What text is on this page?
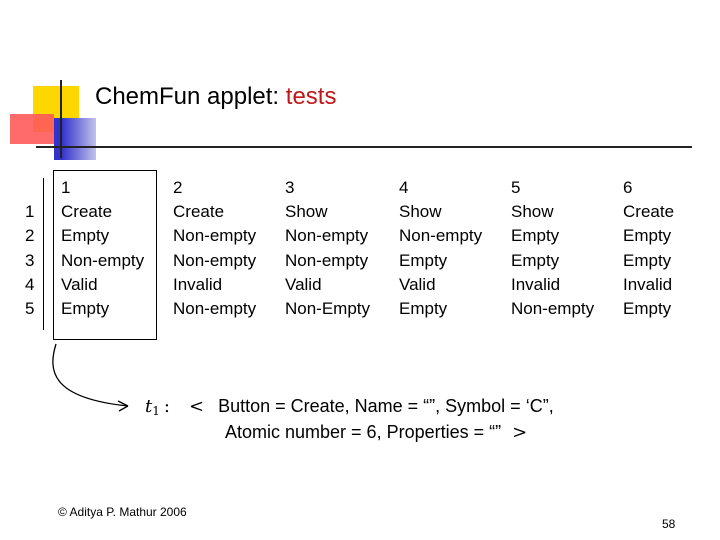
ChemFun applet: tests
1
2
3
4
5
1
Create
Empty
Non-empty
Valid
Empty
2
Create
Non-empty
Non-empty
Invalid
Non-empty
3
Show
Non-empty
Non-empty
Valid
Non-Empty
4
Show
Non-empty
Empty
Valid
Empty
5
Show
Empty
Empty
Invalid
Non-empty
6
Create
Empty
Empty
Invalid
Empty
t1 : < Button = Create, Name = “”, Symbol = ‘C”,
Atomic number = 6, Properties = “” >
© Aditya P. Mathur 2006
58
